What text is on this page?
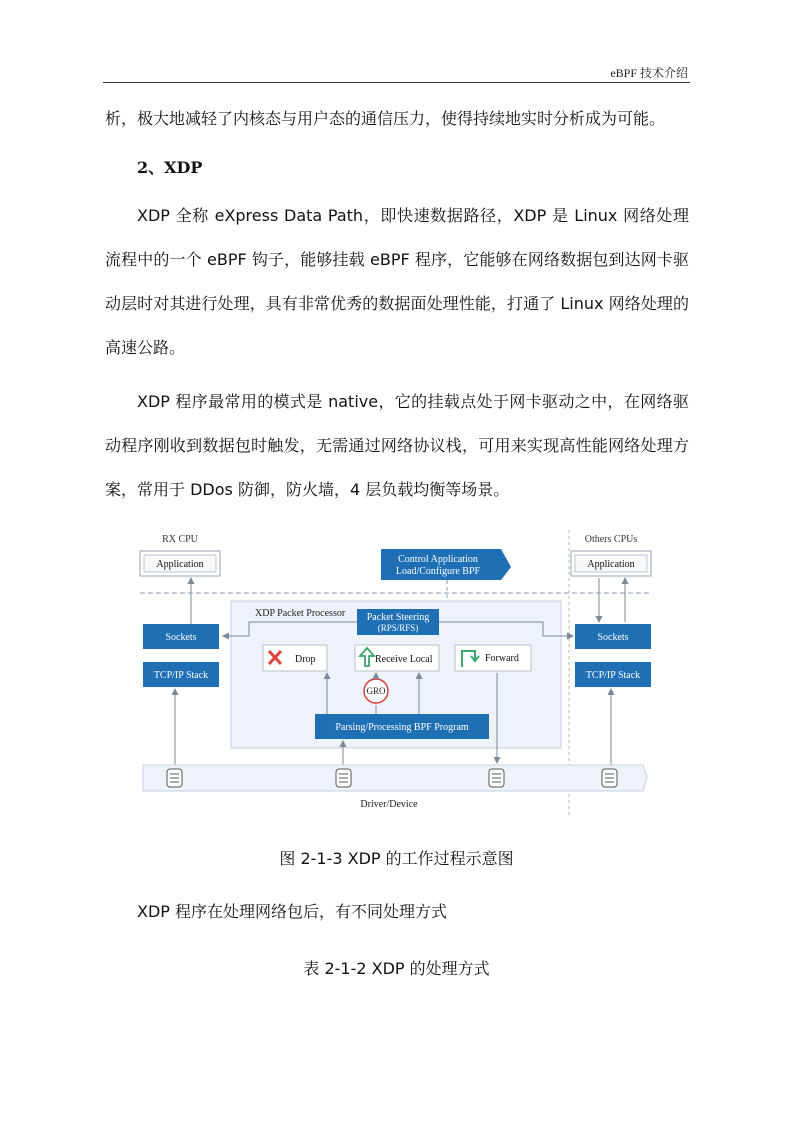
eBPF 技术介绍

析，极大地减轻了内核态与用户态的通信压力，使得持续地实时分析成为可能。

2、XDP

XDP 全称 eXpress Data Path，即快速数据路径，XDP 是 Linux 网络处理流程中的一个 eBPF 钩子，能够挂载 eBPF 程序，它能够在网络数据包到达网卡驱动层时对其进行处理，具有非常优秀的数据面处理性能，打通了 Linux 网络处理的高速公路。

XDP 程序最常用的模式是 native，它的挂载点处于网卡驱动之中，在网络驱动程序刚收到数据包时触发，无需通过网络协议栈，可用来实现高性能网络处理方案，常用于 DDos 防御，防火墙，4 层负载均衡等场景。

RX CPU	Others CPUs
Application	Application
Control Application
Load/Configure BPF
XDP Packet Processor Packet Steering
(RPS/RFS)
Sockets
TCP/IP Stack
Sockets
TCP/IP Stack
Drop	Receive Local	Forward
GRO
Parsing/Processing BPF Program
Driver/Device
图 2-1-3 XDP 的工作过程示意图

XDP 程序在处理网络包后，有不同处理方式

表 2-1-2 XDP 的处理方式
